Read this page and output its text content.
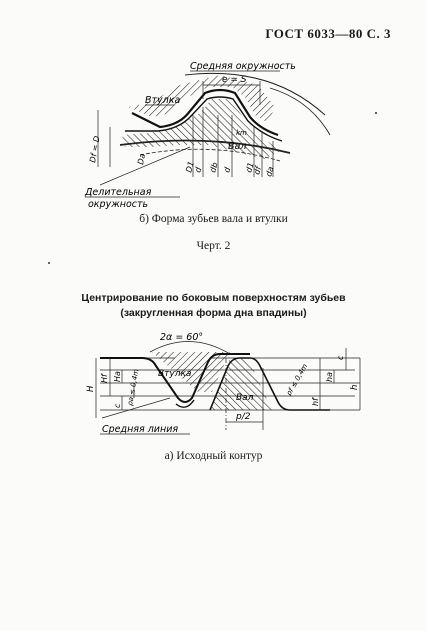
ГОСТ 6033—80 С. 3
e = S
Средняя окружность
Втулка
km
Вал
D1
d db d d1
df da
Df = D	Da
Делительная
окружность
б) Форма зубьев вала и втулки
Черт. 2
Центрирование по боковым поверхностям зубьев
(закругленная форма дна впадины)
2α = 60°
p/2
H
Hf Ha
c ρa ≤ 0,4m Втулка
Вал
ρf ≤ 0,4m
c
ha
hf
h
Средняя линия
а) Исходный контур
